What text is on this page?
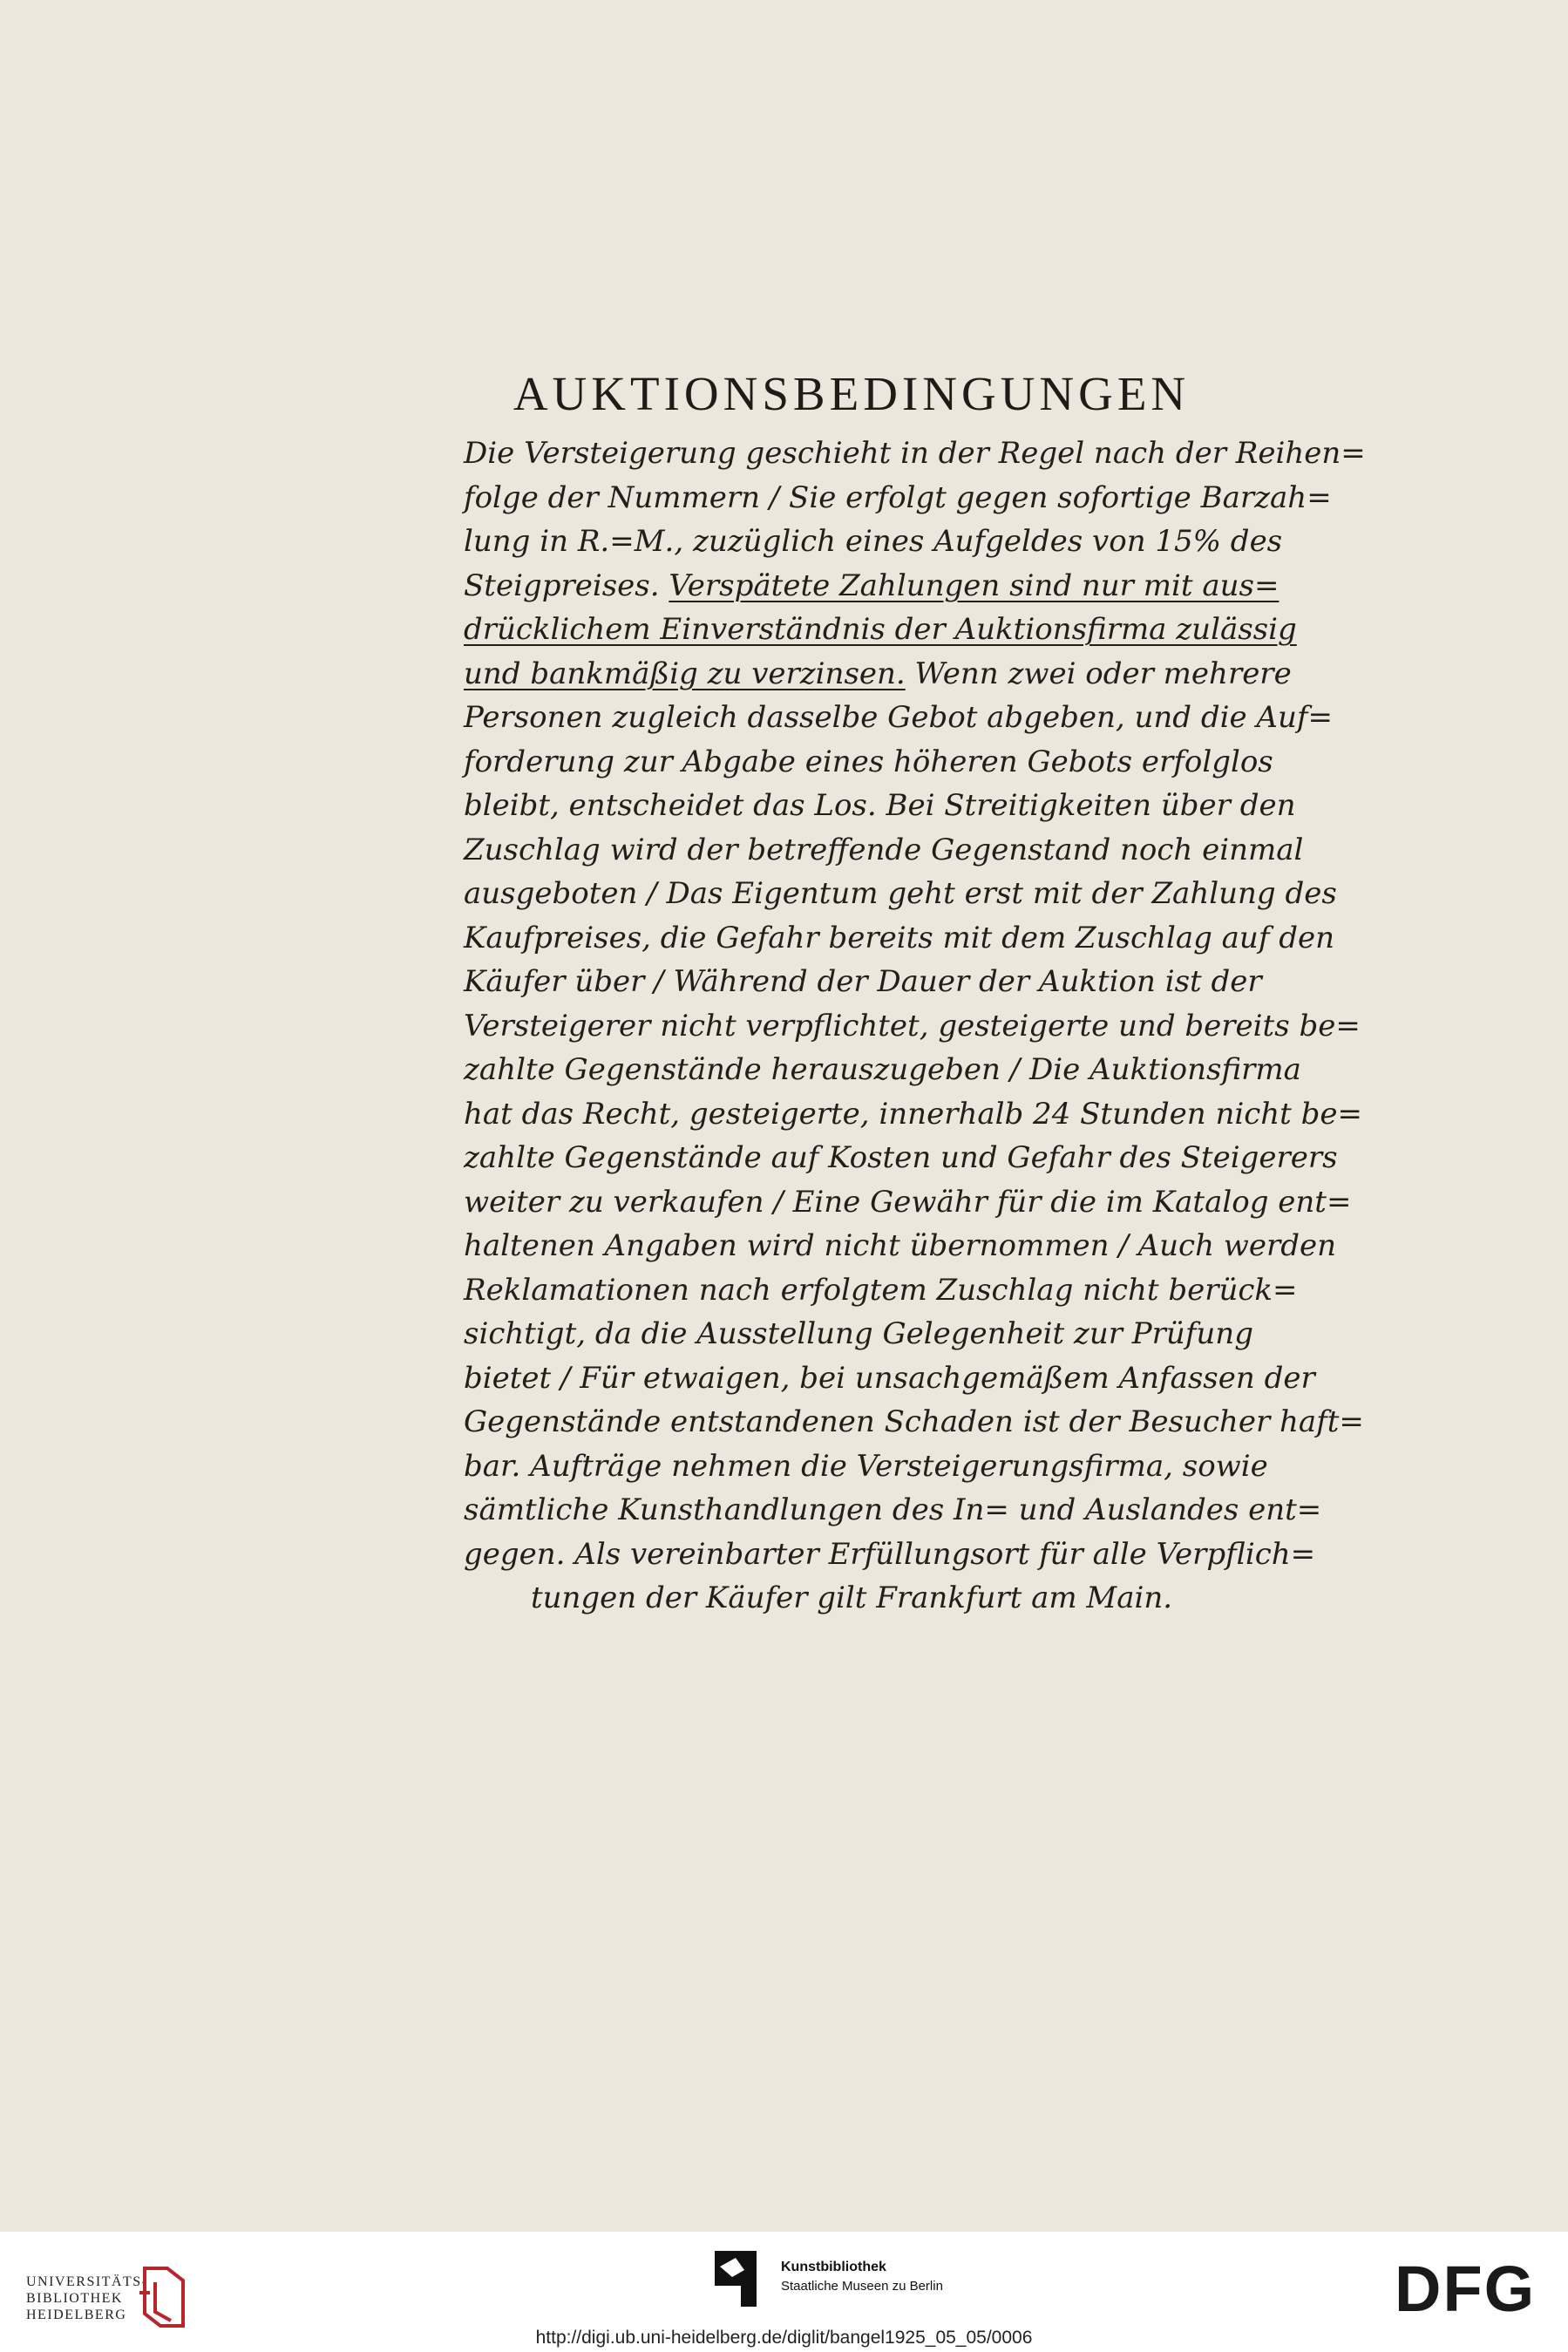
AUKTIONSBEDINGUNGEN

Die Versteigerung geschieht in der Regel nach der Reihen=
folge der Nummern / Sie erfolgt gegen sofortige Barzah=
lung in R.=M., zuzüglich eines Aufgeldes von 15% des
Steigpreises. Verspätete Zahlungen sind nur mit aus=
drücklichem Einverständnis der Auktionsfirma zulässig
und bankmäßig zu verzinsen. Wenn zwei oder mehrere
Personen zugleich dasselbe Gebot abgeben, und die Auf=
forderung zur Abgabe eines höheren Gebots erfolglos
bleibt, entscheidet das Los. Bei Streitigkeiten über den
Zuschlag wird der betreffende Gegenstand noch einmal
ausgeboten / Das Eigentum geht erst mit der Zahlung des
Kaufpreises, die Gefahr bereits mit dem Zuschlag auf den
Käufer über / Während der Dauer der Auktion ist der
Versteigerer nicht verpflichtet, gesteigerte und bereits be=
zahlte Gegenstände herauszugeben / Die Auktionsfirma
hat das Recht, gesteigerte, innerhalb 24 Stunden nicht be=
zahlte Gegenstände auf Kosten und Gefahr des Steigerers
weiter zu verkaufen / Eine Gewähr für die im Katalog ent=
haltenen Angaben wird nicht übernommen / Auch werden
Reklamationen nach erfolgtem Zuschlag nicht berück=
sichtigt, da die Ausstellung Gelegenheit zur Prüfung
bietet / Für etwaigen, bei unsachgemäßem Anfassen der
Gegenstände entstandenen Schaden ist der Besucher haft=
bar. Aufträge nehmen die Versteigerungsfirma, sowie
sämtliche Kunsthandlungen des In= und Auslandes ent=
gegen. Als vereinbarter Erfüllungsort für alle Verpflich=
tungen der Käufer gilt Frankfurt am Main.

UNIVERSITÄTS-
BIBLIOTHEK
HEIDELBERG
Kunstbibliothek
Staatliche Museen zu Berlin	DFG
http://digi.ub.uni-heidelberg.de/diglit/bangel1925_05_05/0006
